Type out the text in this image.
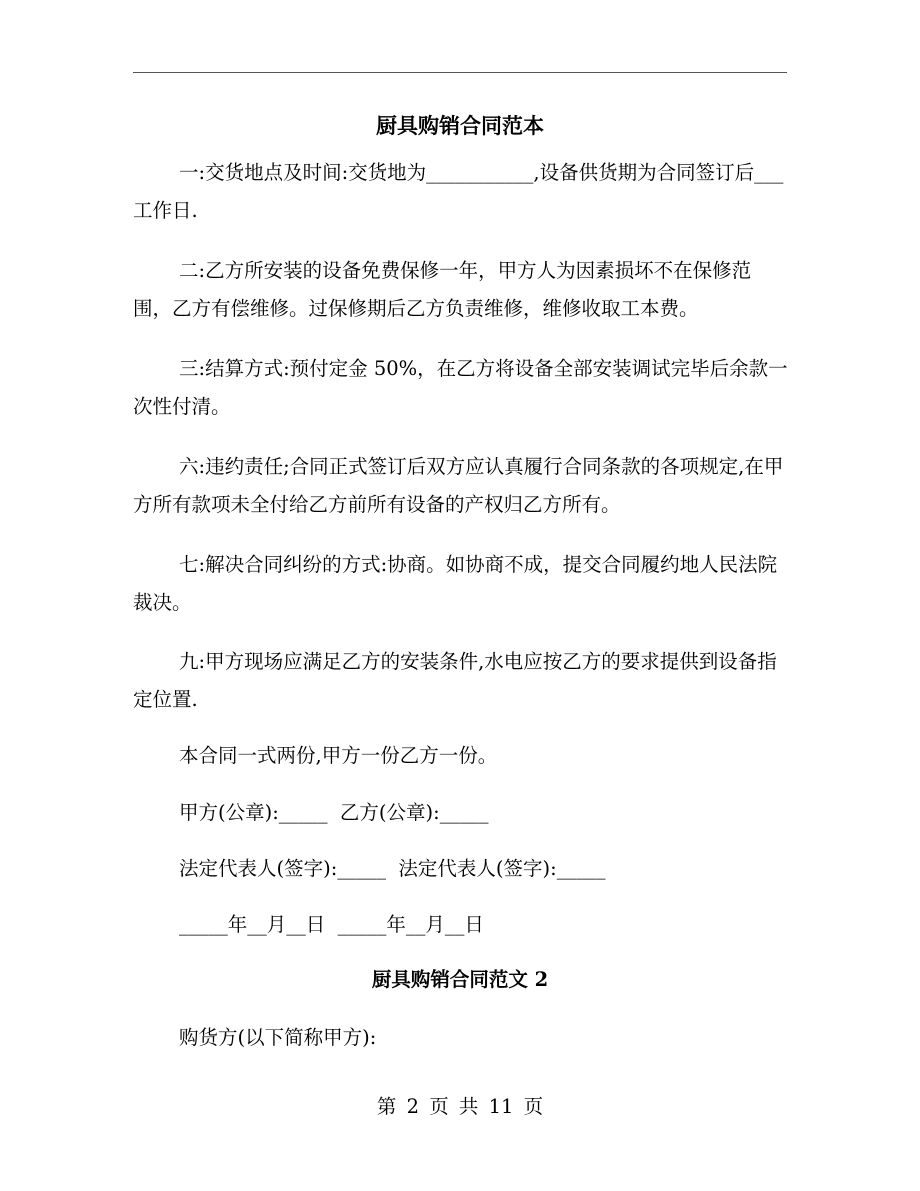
厨具购销合同范本
一:交货地点及时间:交货地为___________,设备供货期为合同签订后___工作日.
二:乙方所安装的设备免费保修一年，甲方人为因素损坏不在保修范围，乙方有偿维修。过保修期后乙方负责维修，维修收取工本费。
三:结算方式:预付定金 50%，在乙方将设备全部安装调试完毕后余款一次性付清。
六:违约责任;合同正式签订后双方应认真履行合同条款的各项规定,在甲方所有款项未全付给乙方前所有设备的产权归乙方所有。
七:解决合同纠纷的方式:协商。如协商不成，提交合同履约地人民法院裁决。
九:甲方现场应满足乙方的安装条件,水电应按乙方的要求提供到设备指定位置.
本合同一式两份,甲方一份乙方一份。
甲方(公章):_____  乙方(公章):_____
法定代表人(签字):_____  法定代表人(签字):_____
_____年__月__日  _____年__月__日
厨具购销合同范文 2
购货方(以下简称甲方):
第 2 页 共 11 页
